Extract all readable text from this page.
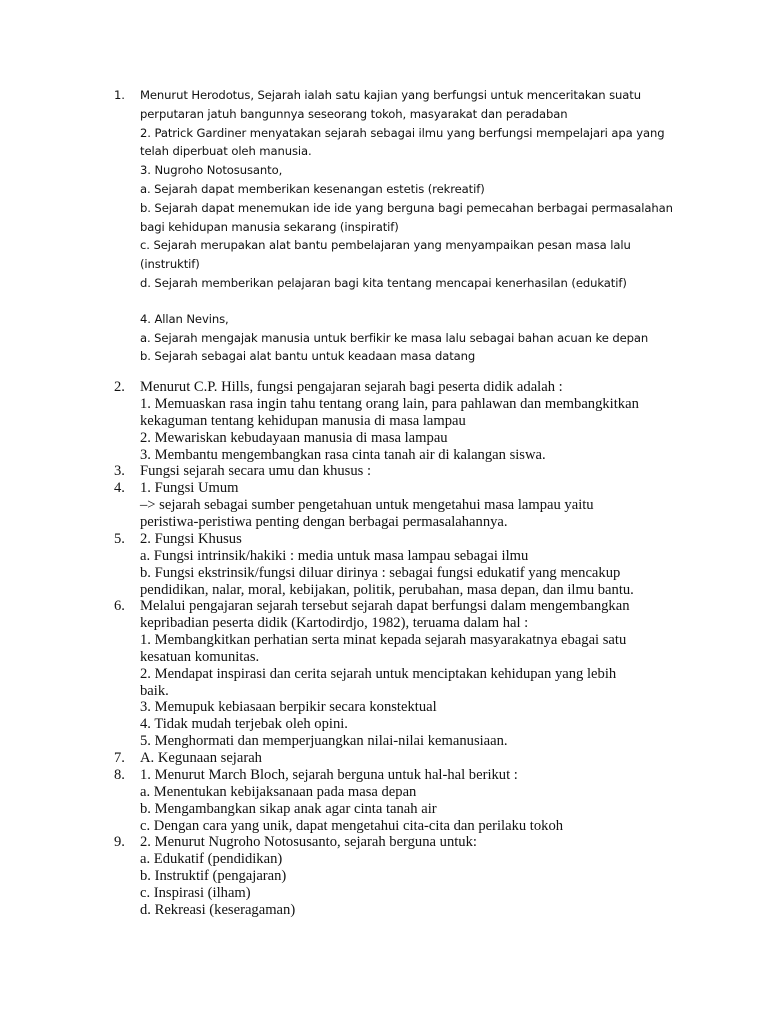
1.	Menurut Herodotus, Sejarah ialah satu kajian yang berfungsi untuk menceritakan suatu
perputaran jatuh bangunnya seseorang tokoh, masyarakat dan peradaban
2. Patrick Gardiner menyatakan sejarah sebagai ilmu yang berfungsi mempelajari apa yang
telah diperbuat oleh manusia.
3. Nugroho Notosusanto,
a. Sejarah dapat memberikan kesenangan estetis (rekreatif)
b. Sejarah dapat menemukan ide ide yang berguna bagi pemecahan berbagai permasalahan
bagi kehidupan manusia sekarang (inspiratif)
c. Sejarah merupakan alat bantu pembelajaran yang menyampaikan pesan masa lalu
(instruktif)
d. Sejarah memberikan pelajaran bagi kita tentang mencapai kenerhasilan (edukatif)
4. Allan Nevins,
a. Sejarah mengajak manusia untuk berfikir ke masa lalu sebagai bahan acuan ke depan
b. Sejarah sebagai alat bantu untuk keadaan masa datang
2.	Menurut C.P. Hills, fungsi pengajaran sejarah bagi peserta didik adalah :
1. Memuaskan rasa ingin tahu tentang orang lain, para pahlawan dan membangkitkan
kekaguman tentang kehidupan manusia di masa lampau
2. Mewariskan kebudayaan manusia di masa lampau
3. Membantu mengembangkan rasa cinta tanah air di kalangan siswa.
3.	Fungsi sejarah secara umu dan khusus :
4.	1. Fungsi Umum
–> sejarah sebagai sumber pengetahuan untuk mengetahui masa lampau yaitu
peristiwa-peristiwa penting dengan berbagai permasalahannya.
5.	2. Fungsi Khusus
a. Fungsi intrinsik/hakiki : media untuk masa lampau sebagai ilmu
b. Fungsi ekstrinsik/fungsi diluar dirinya : sebagai fungsi edukatif yang mencakup
pendidikan, nalar, moral, kebijakan, politik, perubahan, masa depan, dan ilmu bantu.
6.	Melalui pengajaran sejarah tersebut sejarah dapat berfungsi dalam mengembangkan
kepribadian peserta didik (Kartodirdjo, 1982), teruama dalam hal :
1. Membangkitkan perhatian serta minat kepada sejarah masyarakatnya ebagai satu
kesatuan komunitas.
2. Mendapat inspirasi dan cerita sejarah untuk menciptakan kehidupan yang lebih
baik.
3. Memupuk kebiasaan berpikir secara konstektual
4. Tidak mudah terjebak oleh opini.
5. Menghormati dan memperjuangkan nilai-nilai kemanusiaan.
7.	A. Kegunaan sejarah
8.	1. Menurut March Bloch, sejarah berguna untuk hal-hal berikut :
a. Menentukan kebijaksanaan pada masa depan
b. Mengambangkan sikap anak agar cinta tanah air
c. Dengan cara yang unik, dapat mengetahui cita-cita dan perilaku tokoh
9.	2. Menurut Nugroho Notosusanto, sejarah berguna untuk:
a. Edukatif (pendidikan)
b. Instruktif (pengajaran)
c. Inspirasi (ilham)
d. Rekreasi (keseragaman)
